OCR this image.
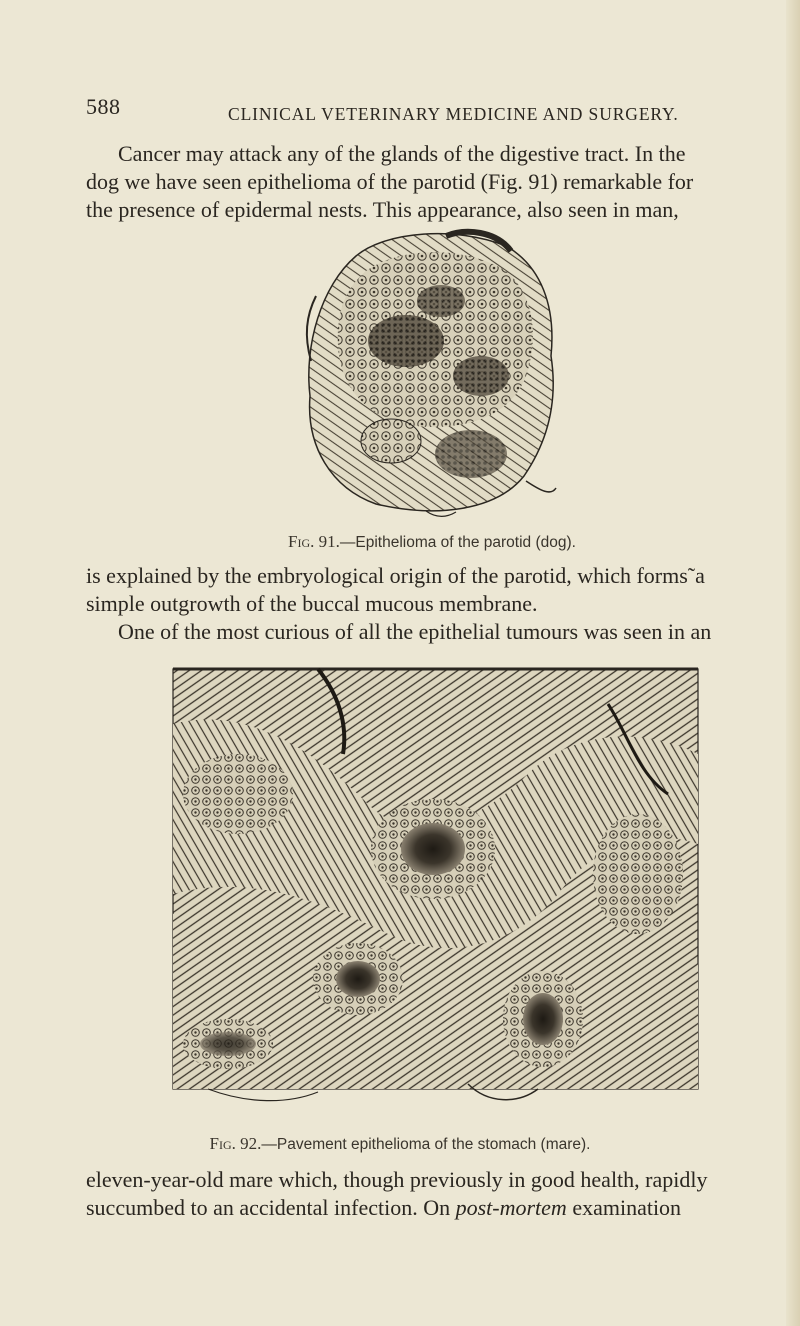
588	CLINICAL VETERINARY MEDICINE AND SURGERY.

Cancer may attack any of the glands of the digestive tract. In the
dog we have seen epithelioma of the parotid (Fig. 91) remarkable for
the presence of epidermal nests. This appearance, also seen in man,

Fig. 91.—Epithelioma of the parotid (dog).

is explained by the embryological origin of the parotid, which forms˜a
simple outgrowth of the buccal mucous membrane.

One of the most curious of all the epithelial tumours was seen in an

Fig. 92.—Pavement epithelioma of the stomach (mare).

eleven-year-old mare which, though previously in good health, rapidly
succumbed to an accidental infection. On post-mortem examination
